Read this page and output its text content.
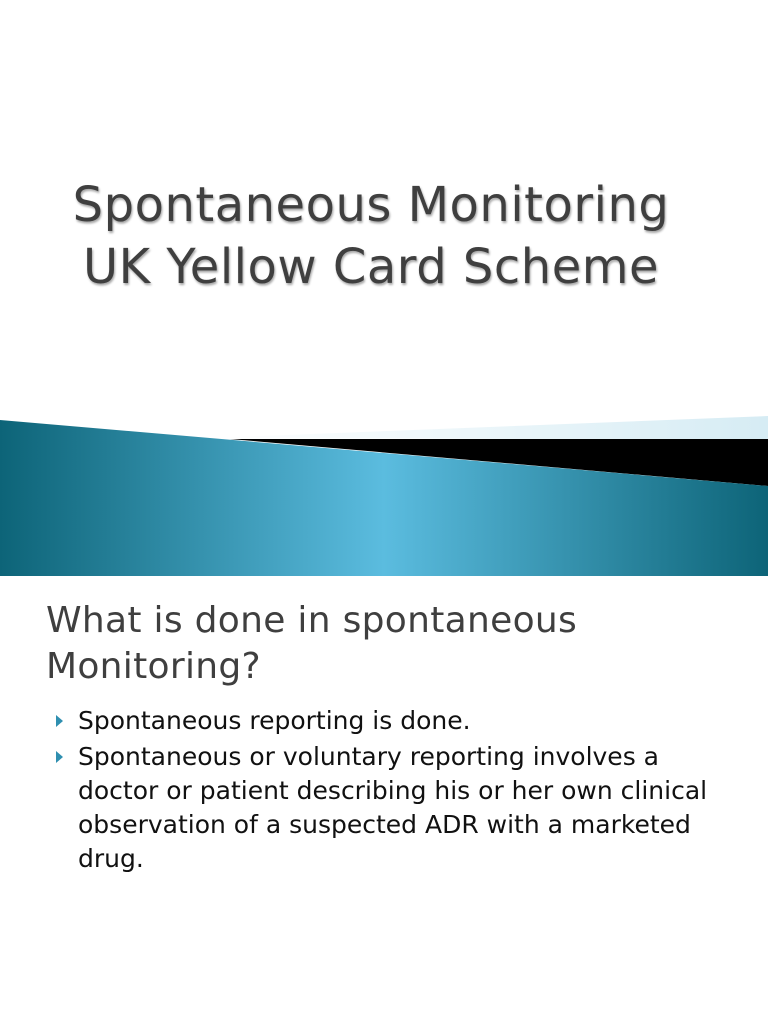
Spontaneous Monitoring
UK Yellow Card Scheme
What is done in spontaneous
Monitoring?
Spontaneous reporting is done.
Spontaneous or voluntary reporting involves a doctor or patient describing his or her own clinical observation of a suspected ADR with a marketed drug.
